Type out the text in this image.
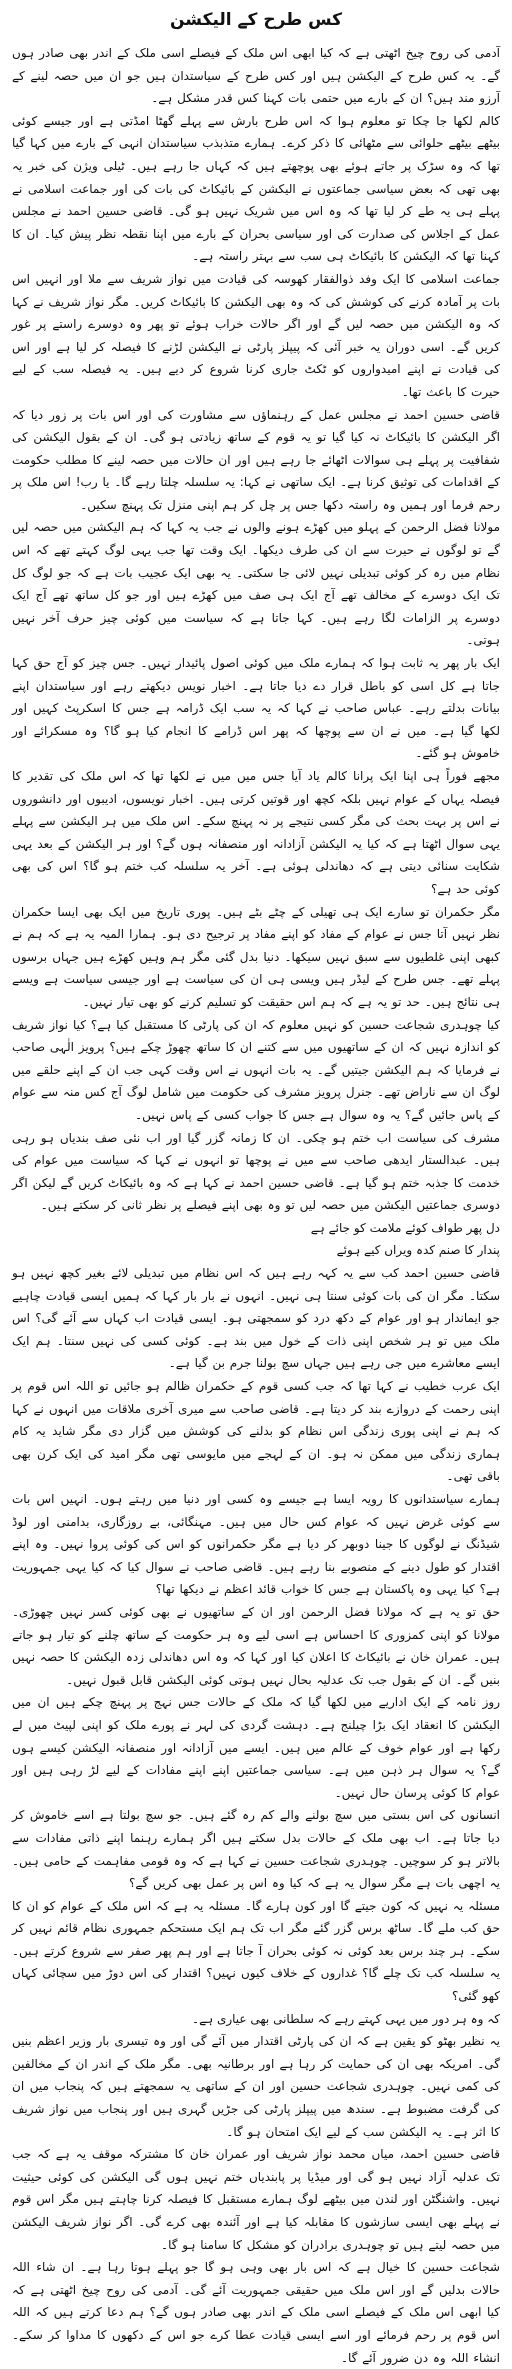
کس طرح کے الیکشن

آدمی کی روح چیخ اٹھتی ہے کہ کیا ابھی اس ملک کے فیصلے اسی ملک کے اندر بھی صادر ہوں گے۔ یہ کس طرح کے الیکشن ہیں اور کس طرح کے سیاستدان ہیں جو ان میں حصہ لینے کے آرزو مند ہیں؟ ان کے بارے میں حتمی بات کہنا کس قدر مشکل ہے۔

کالم لکھا جا چکا تو معلوم ہوا کہ اس طرح بارش سے پہلے گھٹا امڈتی ہے اور جیسے کوئی بیٹھے بیٹھے حلوائی سے مٹھائی کا ذکر کرے۔ ہمارے متذبذب سیاستدان انہی کے بارے میں کہا گیا تھا کہ وہ سڑک پر جاتے ہوئے بھی پوچھتے ہیں کہ کہاں جا رہے ہیں۔ ٹیلی ویژن کی خبر یہ بھی تھی کہ بعض سیاسی جماعتوں نے الیکشن کے بائیکاٹ کی بات کی اور جماعت اسلامی نے پہلے ہی یہ طے کر لیا تھا کہ وہ اس میں شریک نہیں ہو گی۔ قاضی حسین احمد نے مجلس عمل کے اجلاس کی صدارت کی اور سیاسی بحران کے بارے میں اپنا نقطہ نظر پیش کیا۔ ان کا کہنا تھا کہ الیکشن کا بائیکاٹ ہی سب سے بہتر راستہ ہے۔

جماعت اسلامی کا ایک وفد ذوالفقار کھوسہ کی قیادت میں نواز شریف سے ملا اور انہیں اس بات پر آمادہ کرنے کی کوشش کی کہ وہ بھی الیکشن کا بائیکاٹ کریں۔ مگر نواز شریف نے کہا کہ وہ الیکشن میں حصہ لیں گے اور اگر حالات خراب ہوئے تو پھر وہ دوسرے راستے پر غور کریں گے۔ اسی دوران یہ خبر آئی کہ پیپلز پارٹی نے الیکشن لڑنے کا فیصلہ کر لیا ہے اور اس کی قیادت نے اپنے امیدواروں کو ٹکٹ جاری کرنا شروع کر دیے ہیں۔ یہ فیصلہ سب کے لیے حیرت کا باعث تھا۔

قاضی حسین احمد نے مجلس عمل کے رہنماؤں سے مشاورت کی اور اس بات پر زور دیا کہ اگر الیکشن کا بائیکاٹ نہ کیا گیا تو یہ قوم کے ساتھ زیادتی ہو گی۔ ان کے بقول الیکشن کی شفافیت پر پہلے ہی سوالات اٹھائے جا رہے ہیں اور ان حالات میں حصہ لینے کا مطلب حکومت کے اقدامات کی توثیق کرنا ہے۔ ایک ساتھی نے کہا: یہ سلسلہ چلتا رہے گا۔ یا رب! اس ملک پر رحم فرما اور ہمیں وہ راستہ دکھا جس پر چل کر ہم اپنی منزل تک پہنچ سکیں۔

مولانا فضل الرحمن کے پہلو میں کھڑے ہونے والوں نے جب یہ کہا کہ ہم الیکشن میں حصہ لیں گے تو لوگوں نے حیرت سے ان کی طرف دیکھا۔ ایک وقت تھا جب یہی لوگ کہتے تھے کہ اس نظام میں رہ کر کوئی تبدیلی نہیں لائی جا سکتی۔ یہ بھی ایک عجیب بات ہے کہ جو لوگ کل تک ایک دوسرے کے مخالف تھے آج ایک ہی صف میں کھڑے ہیں اور جو کل ساتھ تھے آج ایک دوسرے پر الزامات لگا رہے ہیں۔ کہا جاتا ہے کہ سیاست میں کوئی چیز حرف آخر نہیں ہوتی۔

ایک بار پھر یہ ثابت ہوا کہ ہمارے ملک میں کوئی اصول پائیدار نہیں۔ جس چیز کو آج حق کہا جاتا ہے کل اسی کو باطل قرار دے دیا جاتا ہے۔ اخبار نویس دیکھتے رہے اور سیاستدان اپنے بیانات بدلتے رہے۔ عباس صاحب نے کہا کہ یہ سب ایک ڈرامہ ہے جس کا اسکرپٹ کہیں اور لکھا گیا ہے۔ میں نے ان سے پوچھا کہ پھر اس ڈرامے کا انجام کیا ہو گا؟ وہ مسکرائے اور خاموش ہو گئے۔

مجھے فوراً ہی اپنا ایک پرانا کالم یاد آیا جس میں میں نے لکھا تھا کہ اس ملک کی تقدیر کا فیصلہ یہاں کے عوام نہیں بلکہ کچھ اور قوتیں کرتی ہیں۔ اخبار نویسوں، ادیبوں اور دانشوروں نے اس پر بہت بحث کی مگر کسی نتیجے پر نہ پہنچ سکے۔ اس ملک میں ہر الیکشن سے پہلے یہی سوال اٹھتا ہے کہ کیا یہ الیکشن آزادانہ اور منصفانہ ہوں گے؟ اور ہر الیکشن کے بعد یہی شکایت سنائی دیتی ہے کہ دھاندلی ہوئی ہے۔ آخر یہ سلسلہ کب ختم ہو گا؟ اس کی بھی کوئی حد ہے؟

مگر حکمران تو سارے ایک ہی تھیلی کے چٹے بٹے ہیں۔ پوری تاریخ میں ایک بھی ایسا حکمران نظر نہیں آتا جس نے عوام کے مفاد کو اپنے مفاد پر ترجیح دی ہو۔ ہمارا المیہ یہ ہے کہ ہم نے کبھی اپنی غلطیوں سے سبق نہیں سیکھا۔ دنیا بدل گئی مگر ہم وہیں کھڑے ہیں جہاں برسوں پہلے تھے۔ جس طرح کے لیڈر ہیں ویسی ہی ان کی سیاست ہے اور جیسی سیاست ہے ویسے ہی نتائج ہیں۔ حد تو یہ ہے کہ ہم اس حقیقت کو تسلیم کرنے کو بھی تیار نہیں۔

کیا چوہدری شجاعت حسین کو نہیں معلوم کہ ان کی پارٹی کا مستقبل کیا ہے؟ کیا نواز شریف کو اندازہ نہیں کہ ان کے ساتھیوں میں سے کتنے ان کا ساتھ چھوڑ چکے ہیں؟ پرویز الٰہی صاحب نے فرمایا کہ ہم الیکشن جیتیں گے۔ یہ بات انہوں نے اس وقت کہی جب ان کے اپنے حلقے میں لوگ ان سے ناراض تھے۔ جنرل پرویز مشرف کی حکومت میں شامل لوگ آج کس منہ سے عوام کے پاس جائیں گے؟ یہ وہ سوال ہے جس کا جواب کسی کے پاس نہیں۔

مشرف کی سیاست اب ختم ہو چکی۔ ان کا زمانہ گزر گیا اور اب نئی صف بندیاں ہو رہی ہیں۔ عبدالستار ایدھی صاحب سے میں نے پوچھا تو انہوں نے کہا کہ سیاست میں عوام کی خدمت کا جذبہ ختم ہو گیا ہے۔ قاضی حسین احمد نے کہا ہے کہ وہ بائیکاٹ کریں گے لیکن اگر دوسری جماعتیں الیکشن میں حصہ لیں تو وہ بھی اپنے فیصلے پر نظر ثانی کر سکتے ہیں۔

دل پھر طواف کوئے ملامت کو جائے ہے
پندار کا صنم کدہ ویراں کیے ہوئے

قاضی حسین احمد کب سے یہ کہہ رہے ہیں کہ اس نظام میں تبدیلی لائے بغیر کچھ نہیں ہو سکتا۔ مگر ان کی بات کوئی سنتا ہی نہیں۔ انہوں نے بار بار کہا کہ ہمیں ایسی قیادت چاہیے جو ایماندار ہو اور عوام کے دکھ درد کو سمجھتی ہو۔ ایسی قیادت اب کہاں سے آئے گی؟ اس ملک میں تو ہر شخص اپنی ذات کے خول میں بند ہے۔ کوئی کسی کی نہیں سنتا۔ ہم ایک ایسے معاشرے میں جی رہے ہیں جہاں سچ بولنا جرم بن گیا ہے۔

ایک عرب خطیب نے کہا تھا کہ جب کسی قوم کے حکمران ظالم ہو جائیں تو اللہ اس قوم پر اپنی رحمت کے دروازے بند کر دیتا ہے۔ قاضی صاحب سے میری آخری ملاقات میں انہوں نے کہا کہ ہم نے اپنی پوری زندگی اس نظام کو بدلنے کی کوشش میں گزار دی مگر شاید یہ کام ہماری زندگی میں ممکن نہ ہو۔ ان کے لہجے میں مایوسی تھی مگر امید کی ایک کرن بھی باقی تھی۔

ہمارے سیاستدانوں کا رویہ ایسا ہے جیسے وہ کسی اور دنیا میں رہتے ہوں۔ انہیں اس بات سے کوئی غرض نہیں کہ عوام کس حال میں ہیں۔ مہنگائی، بے روزگاری، بدامنی اور لوڈ شیڈنگ نے لوگوں کا جینا دوبھر کر دیا ہے مگر حکمرانوں کو اس کی کوئی پروا نہیں۔ وہ اپنے اقتدار کو طول دینے کے منصوبے بنا رہے ہیں۔ قاضی صاحب نے سوال کیا کہ کیا یہی جمہوریت ہے؟ کیا یہی وہ پاکستان ہے جس کا خواب قائد اعظم نے دیکھا تھا؟

حق تو یہ ہے کہ مولانا فضل الرحمن اور ان کے ساتھیوں نے بھی کوئی کسر نہیں چھوڑی۔ مولانا کو اپنی کمزوری کا احساس ہے اسی لیے وہ ہر حکومت کے ساتھ چلنے کو تیار ہو جاتے ہیں۔ عمران خان نے بائیکاٹ کا اعلان کیا اور کہا کہ وہ اس دھاندلی زدہ الیکشن کا حصہ نہیں بنیں گے۔ ان کے بقول جب تک عدلیہ بحال نہیں ہوتی کوئی الیکشن قابل قبول نہیں۔

روز نامہ کے ایک اداریے میں لکھا گیا کہ ملک کے حالات جس نہج پر پہنچ چکے ہیں ان میں الیکشن کا انعقاد ایک بڑا چیلنج ہے۔ دہشت گردی کی لہر نے پورے ملک کو اپنی لپیٹ میں لے رکھا ہے اور عوام خوف کے عالم میں ہیں۔ ایسے میں آزادانہ اور منصفانہ الیکشن کیسے ہوں گے؟ یہ سوال ہر ذہن میں ہے۔ سیاسی جماعتیں اپنے اپنے مفادات کے لیے لڑ رہی ہیں اور عوام کا کوئی پرسان حال نہیں۔

انسانوں کی اس بستی میں سچ بولنے والے کم رہ گئے ہیں۔ جو سچ بولتا ہے اسے خاموش کر دیا جاتا ہے۔ اب بھی ملک کے حالات بدل سکتے ہیں اگر ہمارے رہنما اپنے ذاتی مفادات سے بالاتر ہو کر سوچیں۔ چوہدری شجاعت حسین نے کہا ہے کہ وہ قومی مفاہمت کے حامی ہیں۔ یہ اچھی بات ہے مگر سوال یہ ہے کہ کیا وہ اس پر عمل بھی کریں گے؟

مسئلہ یہ نہیں کہ کون جیتے گا اور کون ہارے گا۔ مسئلہ یہ ہے کہ اس ملک کے عوام کو ان کا حق کب ملے گا۔ ساٹھ برس گزر گئے مگر اب تک ہم ایک مستحکم جمہوری نظام قائم نہیں کر سکے۔ ہر چند برس بعد کوئی نہ کوئی بحران آ جاتا ہے اور ہم پھر صفر سے شروع کرتے ہیں۔ یہ سلسلہ کب تک چلے گا؟ غداروں کے خلاف کیوں نہیں؟ اقتدار کی اس دوڑ میں سچائی کہاں کھو گئی؟

کہ وہ ہر دور میں یہی کہتے رہے کہ سلطانی بھی عیاری ہے۔

یہ نظیر بھٹو کو یقین ہے کہ ان کی پارٹی اقتدار میں آئے گی اور وہ تیسری بار وزیر اعظم بنیں گی۔ امریکہ بھی ان کی حمایت کر رہا ہے اور برطانیہ بھی۔ مگر ملک کے اندر ان کے مخالفین کی کمی نہیں۔ چوہدری شجاعت حسین اور ان کے ساتھی یہ سمجھتے ہیں کہ پنجاب میں ان کی گرفت مضبوط ہے۔ سندھ میں پیپلز پارٹی کی جڑیں گہری ہیں اور پنجاب میں نواز شریف کا اثر ہے۔ یہ الیکشن سب کے لیے ایک امتحان ہو گا۔

قاضی حسین احمد، میاں محمد نواز شریف اور عمران خان کا مشترکہ موقف یہ ہے کہ جب تک عدلیہ آزاد نہیں ہو گی اور میڈیا پر پابندیاں ختم نہیں ہوں گی الیکشن کی کوئی حیثیت نہیں۔ واشنگٹن اور لندن میں بیٹھے لوگ ہمارے مستقبل کا فیصلہ کرنا چاہتے ہیں مگر اس قوم نے پہلے بھی ایسی سازشوں کا مقابلہ کیا ہے اور آئندہ بھی کرے گی۔ اگر نواز شریف الیکشن میں حصہ لیتے ہیں تو چوہدری برادران کو مشکل کا سامنا ہو گا۔

شجاعت حسین کا خیال ہے کہ اس بار بھی وہی ہو گا جو پہلے ہوتا رہا ہے۔ ان شاء اللہ حالات بدلیں گے اور اس ملک میں حقیقی جمہوریت آئے گی۔ آدمی کی روح چیخ اٹھتی ہے کہ کیا ابھی اس ملک کے فیصلے اسی ملک کے اندر بھی صادر ہوں گے؟ ہم دعا کرتے ہیں کہ اللہ اس قوم پر رحم فرمائے اور اسے ایسی قیادت عطا کرے جو اس کے دکھوں کا مداوا کر سکے۔ انشاء اللہ وہ دن ضرور آئے گا۔
